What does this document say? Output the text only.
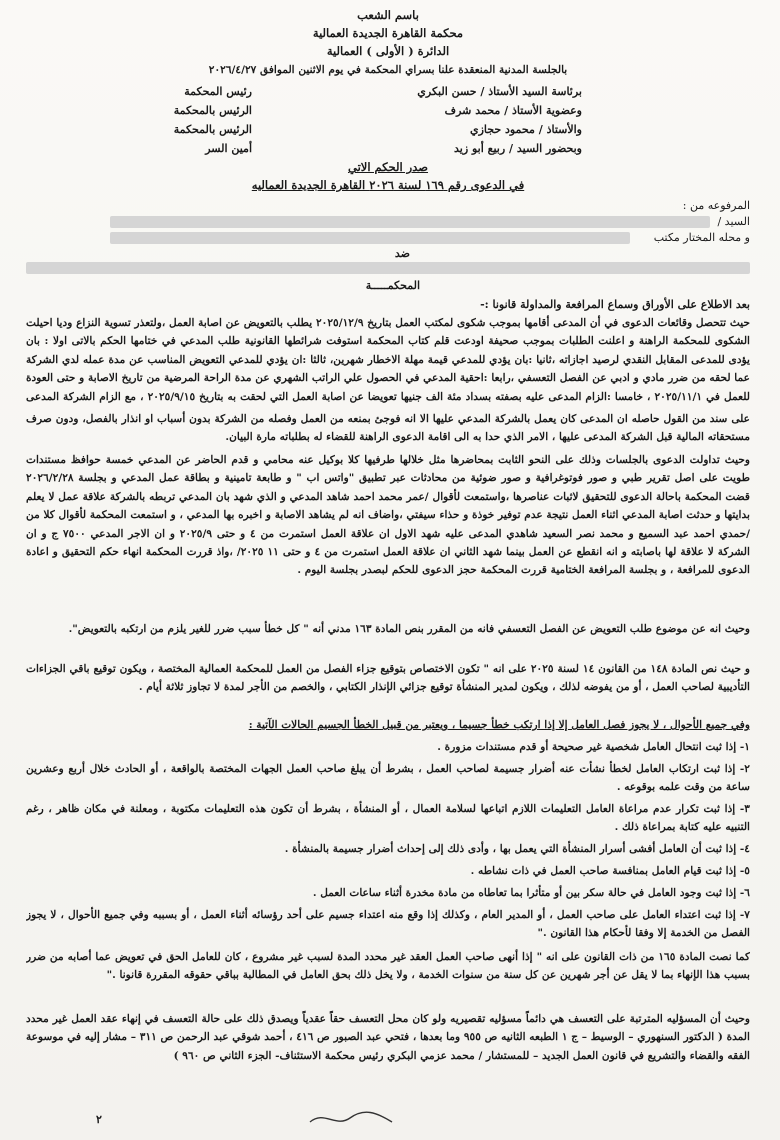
باسم الشعب
محكمة القاهرة الجديدة العمالية
الدائرة ( الأولى ) العمالية
بالجلسة المدنية المنعقدة علنا بسراي المحكمة في يوم الاثنين الموافق ٢٠٢٦/٤/٢٧
برئاسة السيد الأستاذ / حسن البكري
رئيس المحكمة
وعضوية الأستاذ / محمد شرف
الرئيس بالمحكمة
والأستاذ / محمود حجازي
الرئيس بالمحكمة
وبحضور السيد / ربيع أبو زيد
أمين السر
صدر الحكم الاتي
في الدعوى رقم ١٦٩ لسنة ٢٠٢٦ القاهرة الجديدة العماليه
المرفوعه من :
السيد /
و محله المختار مكتب
ضد
المحكمـــــة
بعد الاطلاع على الأوراق وسماع المرافعة والمداولة قانونا :-
حيث تتحصل وقائعات الدعوى في أن المدعى أقامها بموجب شكوى لمكتب العمل بتاريخ ٢٠٢٥/١٢/٩ يطلب بالتعويض عن اصابة العمل ،ولتعذر تسوية النزاع وديا احيلت الشكوى للمحكمة الراهنة و اعلنت الطلبات بموجب صحيفة اودعت قلم كتاب المحكمة استوفت شرائطها القانونية طلب المدعي في ختامها الحكم بالاتى اولا : بان يؤدى للمدعى المقابل النقدي لرصيد اجازاته ،ثانيا :بان يؤدي للمدعي قيمة مهلة الاخطار شهرين، ثالثا :ان يؤدي للمدعي التعويض المناسب عن مدة عمله لدي الشركة عما لحقه من ضرر مادي و ادبي عن الفصل التعسفي ،رابعا :احقية المدعي في الحصول علي الراتب الشهري عن مدة الراحة المرضية من تاريخ الاصابة و حتى العودة للعمل في ٢٠٢٥/١١/١ ، خامسا :الزام المدعى عليه بصفته بسداد مئة الف جنيها تعويضا عن اصابة العمل التي لحقت به بتاريخ ٢٠٢٥/٩/١٥ ، مع الزام الشركة المدعى
على سند من القول حاصله ان المدعى كان يعمل بالشركة المدعي عليها الا انه فوجئ بمنعه من العمل وفصله من الشركة بدون أسباب او انذار بالفصل، ودون صرف مستحقاته المالية قبل الشركة المدعى عليها ، الامر الذي حدا به الى اقامة الدعوى الراهنة للقضاء له بطلباته مارة البيان.
وحيث تداولت الدعوى بالجلسات وذلك على النحو الثابت بمحاضرها مثل خلالها طرفيها كلا بوكيل عنه محامي و قدم الحاضر عن المدعي خمسة حوافظ مستندات طويت على اصل تقرير طبي و صور فوتوغرافية و صور ضوئية من محادثات عبر تطبيق "واتس اب " و طابعة تامينية و بطاقة عمل المدعي و بجلسة ٢٠٢٦/٢/٢٨ قضت المحكمة باحالة الدعوى للتحقيق لاثبات عناصرها ،واستمعت لأقوال /عمر محمد احمد شاهد المدعي و الذي شهد بان المدعي تربطه بالشركة علاقة عمل لا يعلم بدايتها و حدثت اصابة المدعي اثناء العمل نتيجة عدم توفير خوذة و حذاء سيفتي ،واضاف انه لم يشاهد الاصابة و اخبره بها المدعي ، و استمعت المحكمة لأقوال كلا من /حمدي احمد عبد السميع و محمد نصر السعيد شاهدي المدعى عليه شهد الاول ان علاقة العمل استمرت من ٤ و حتى ٢٠٢٥/٩ و ان الاجر المدعي ٧٥٠٠ ج و ان الشركة لا علاقة لها باصابته و انه انقطع عن العمل بينما شهد الثاني ان علاقة العمل استمرت من ٤ و حتى ١١ ٢٠٢٥/ ،واذ قررت المحكمة انهاء حكم التحقيق و اعادة الدعوى للمرافعة ، و بجلسة المرافعة الختامية قررت المحكمة حجز الدعوى للحكم لبصدر بجلسة اليوم .
وحيث انه عن موضوع طلب التعويض عن الفصل التعسفي فانه من المقرر بنص المادة ١٦٣ مدني أنه " كل خطأ سبب ضرر للغير يلزم من ارتكبه بالتعويض".
و حيث نص المادة ١٤٨ من القانون ١٤ لسنة ٢٠٢٥ على انه " تكون الاختصاص بتوقيع جزاء الفصل من العمل للمحكمة العمالية المختصة ، ويكون توقيع باقي الجزاءات التأديبية لصاحب العمل ، أو من يفوضه لذلك ، ويكون لمدير المنشأة توقيع جزائي الإنذار الكتابي ، والخصم من الأجر لمدة لا تجاوز ثلاثة أيام .
وفي جميع الأحوال ، لا يجوز فصل العامل إلا إذا ارتكب خطأ جسيما ، ويعتبر من قبيل الخطأ الجسيم الحالات الآتية :
١- إذا ثبت انتحال العامل شخصية غير صحيحة أو قدم مستندات مزورة .
٢- إذا ثبت ارتكاب العامل لخطأ نشأت عنه أضرار جسيمة لصاحب العمل ، بشرط أن يبلغ صاحب العمل الجهات المختصة بالواقعة ، أو الحادث خلال أربع وعشرين ساعة من وقت علمه بوقوعه .
٣- إذا ثبت تكرار عدم مراعاة العامل التعليمات اللازم اتباعها لسلامة العمال ، أو المنشأة ، بشرط أن تكون هذه التعليمات مكتوبة ، ومعلنة في مكان ظاهر ، رغم التنبيه عليه كتابة بمراعاة ذلك .
٤- إذا ثبت أن العامل أفشى أسرار المنشأة التي يعمل بها ، وأدى ذلك إلى إحداث أضرار جسيمة بالمنشأة .
٥- إذا ثبت قيام العامل بمنافسة صاحب العمل في ذات نشاطه .
٦- إذا ثبت وجود العامل في حالة سكر بين أو متأثرا بما تعاطاه من مادة مخدرة أثناء ساعات العمل .
٧- إذا ثبت اعتداء العامل على صاحب العمل ، أو المدير العام ، وكذلك إذا وقع منه اعتداء جسيم على أحد رؤسائه أثناء العمل ، أو بسببه وفي جميع الأحوال ، لا يجوز الفصل من الخدمة إلا وفقا لأحكام هذا القانون ."
كما نصت المادة ١٦٥ من ذات القانون على انه " إذا أنهى صاحب العمل العقد غير محدد المدة لسبب غير مشروع ، كان للعامل الحق في تعويض عما أصابه من ضرر بسبب هذا الإنهاء بما لا يقل عن أجر شهرين عن كل سنة من سنوات الخدمة ، ولا يخل ذلك بحق العامل في المطالبة بباقي حقوقه المقررة قانونا ."
وحيث أن المسؤليه المترتبة على التعسف هي دائماً مسؤليه تقصيريه ولو كان محل التعسف حقاً عقدياً ويصدق ذلك على حالة التعسف في إنهاء عقد العمل غير محدد المدة ( الدكتور السنهوري – الوسيط – ج ١ الطبعه الثانيه ص ٩٥٥ وما بعدها ، فتحي عبد الصبور ص ٤١٦ ، أحمد شوقي عبد الرحمن ص ٣١١ – مشار إليه في موسوعة الفقه والقضاء والتشريع في قانون العمل الجديد – للمستشار / محمد عزمي البكري رئيس محكمة الاستئناف- الجزء الثاني ص ٩٦٠ )
٢
